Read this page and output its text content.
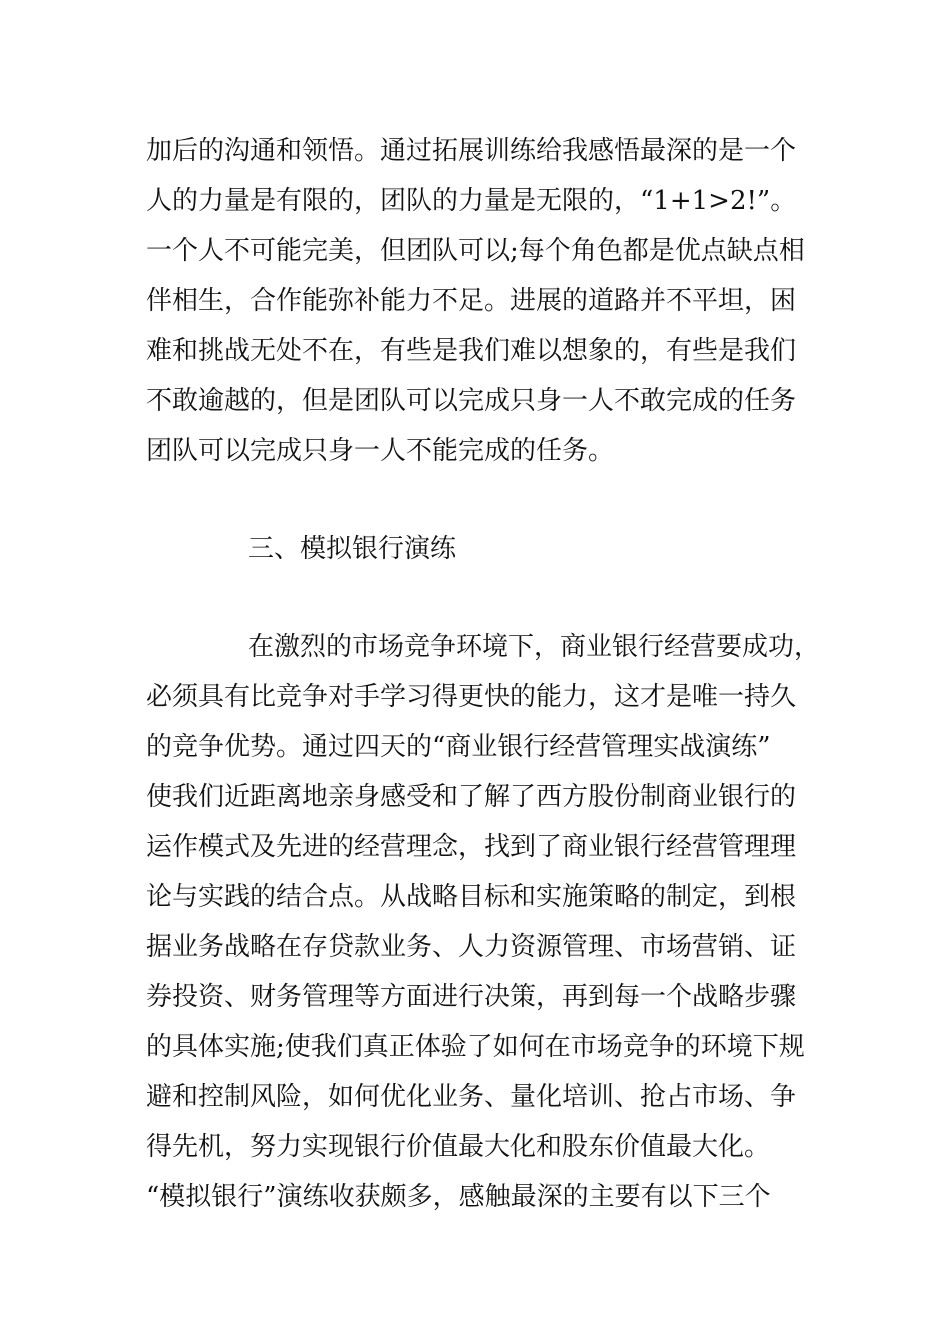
加后的沟通和领悟。通过拓展训练给我感悟最深的是一个
人的力量是有限的，团队的力量是无限的，“1+1>2!”。
一个人不可能完美，但团队可以;每个角色都是优点缺点相
伴相生，合作能弥补能力不足。进展的道路并不平坦，困
难和挑战无处不在，有些是我们难以想象的，有些是我们
不敢逾越的，但是团队可以完成只身一人不敢完成的任务
团队可以完成只身一人不能完成的任务。
三、模拟银行演练
在激烈的市场竞争环境下，商业银行经营要成功，
必须具有比竞争对手学习得更快的能力，这才是唯一持久
的竞争优势。通过四天的“商业银行经营管理实战演练”
使我们近距离地亲身感受和了解了西方股份制商业银行的
运作模式及先进的经营理念，找到了商业银行经营管理理
论与实践的结合点。从战略目标和实施策略的制定，到根
据业务战略在存贷款业务、人力资源管理、市场营销、证
券投资、财务管理等方面进行决策，再到每一个战略步骤
的具体实施;使我们真正体验了如何在市场竞争的环境下规
避和控制风险，如何优化业务、量化培训、抢占市场、争
得先机，努力实现银行价值最大化和股东价值最大化。
“模拟银行”演练收获颇多，感触最深的主要有以下三个
